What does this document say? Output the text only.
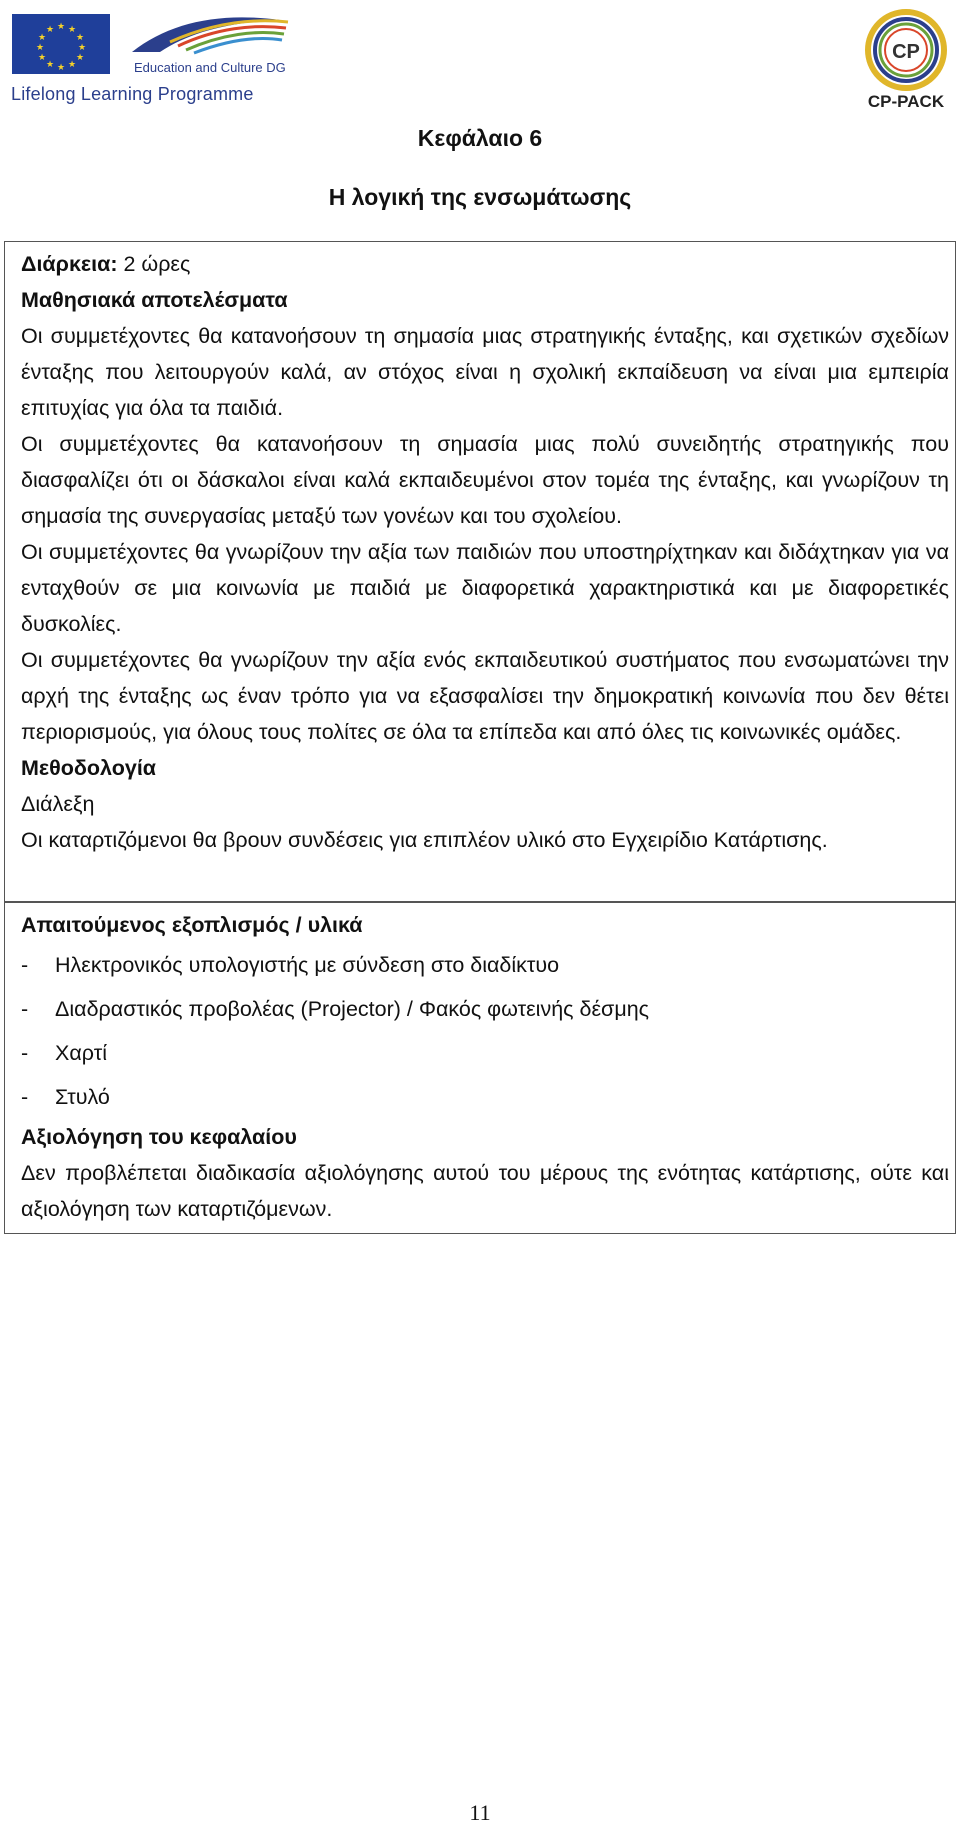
★ ★
★
★
★
★
★
★
★
★
★
★
Education and Culture DG
Lifelong Learning Programme
CP
CP-PACK
Κεφάλαιο 6
Η λογική της ενσωμάτωσης
Διάρκεια: 2 ώρες
Μαθησιακά αποτελέσματα
Οι συμμετέχοντες θα κατανοήσουν τη σημασία μιας στρατηγικής ένταξης, και σχετικών σχεδίων ένταξης που λειτουργούν καλά, αν στόχος είναι η σχολική εκπαίδευση να είναι μια εμπειρία επιτυχίας για όλα τα παιδιά.
Οι συμμετέχοντες θα κατανοήσουν τη σημασία μιας πολύ συνειδητής στρατηγικής που διασφαλίζει ότι οι δάσκαλοι είναι καλά εκπαιδευμένοι στον τομέα της ένταξης, και γνωρίζουν τη σημασία της συνεργασίας μεταξύ των γονέων και του σχολείου.
Οι συμμετέχοντες θα γνωρίζουν την αξία των παιδιών που υποστηρίχτηκαν και διδάχτηκαν για να ενταχθούν σε μια κοινωνία με παιδιά με διαφορετικά χαρακτηριστικά και με διαφορετικές δυσκολίες.
Οι συμμετέχοντες θα γνωρίζουν την αξία ενός εκπαιδευτικού συστήματος που ενσωματώνει την αρχή της ένταξης ως έναν τρόπο για να εξασφαλίσει την δημοκρατική κοινωνία που δεν θέτει περιορισμούς, για όλους τους πολίτες σε όλα τα επίπεδα και από όλες τις κοινωνικές ομάδες.
Μεθοδολογία
Διάλεξη
Οι καταρτιζόμενοι θα βρουν συνδέσεις για επιπλέον υλικό στο Εγχειρίδιο Κατάρτισης.
Απαιτούμενος εξοπλισμός / υλικά
- Ηλεκτρονικός υπολογιστής με σύνδεση στο διαδίκτυο
- Διαδραστικός προβολέας (Projector) / Φακός φωτεινής δέσμης
- Χαρτί
- Στυλό
Αξιολόγηση του κεφαλαίου
Δεν προβλέπεται διαδικασία αξιολόγησης αυτού του μέρους της ενότητας κατάρτισης, ούτε και αξιολόγηση των καταρτιζόμενων.
11
